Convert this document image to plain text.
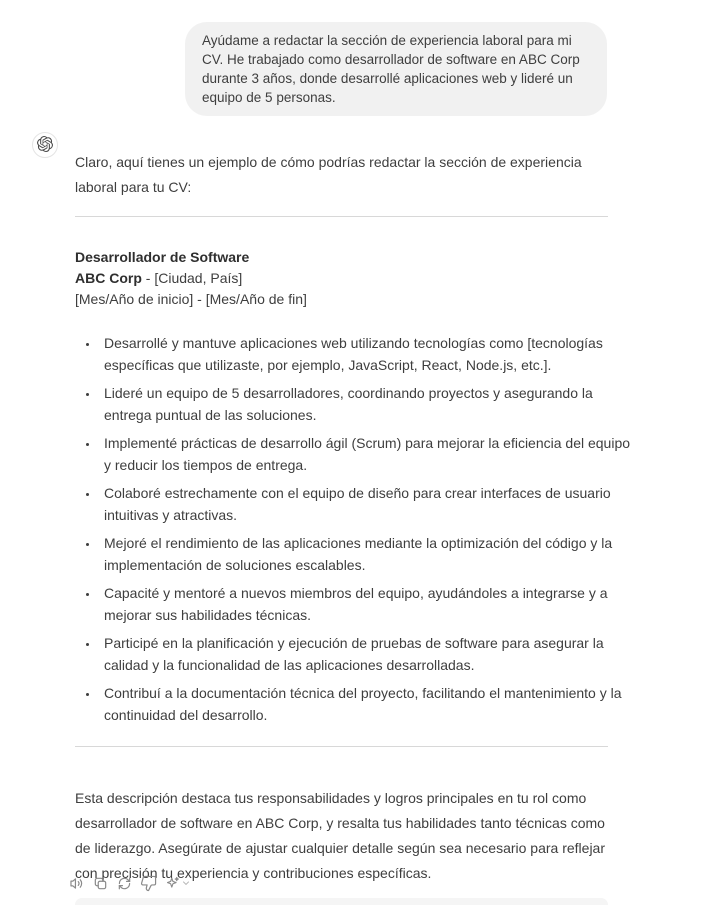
Ayúdame a redactar la sección de experiencia laboral para mi CV. He trabajado como desarrollador de software en ABC Corp durante 3 años, donde desarrollé aplicaciones web y lideré un equipo de 5 personas.

Claro, aquí tienes un ejemplo de cómo podrías redactar la sección de experiencia laboral para tu CV:

Desarrollador de Software
ABC Corp - [Ciudad, País]
[Mes/Año de inicio] - [Mes/Año de fin]
• Desarrollé y mantuve aplicaciones web utilizando tecnologías como [tecnologías específicas que utilizaste, por ejemplo, JavaScript, React, Node.js, etc.].
• Lideré un equipo de 5 desarrolladores, coordinando proyectos y asegurando la entrega puntual de las soluciones.
• Implementé prácticas de desarrollo ágil (Scrum) para mejorar la eficiencia del equipo y reducir los tiempos de entrega.
• Colaboré estrechamente con el equipo de diseño para crear interfaces de usuario intuitivas y atractivas.
• Mejoré el rendimiento de las aplicaciones mediante la optimización del código y la implementación de soluciones escalables.
• Capacité y mentoré a nuevos miembros del equipo, ayudándoles a integrarse y a mejorar sus habilidades técnicas.
• Participé en la planificación y ejecución de pruebas de software para asegurar la calidad y la funcionalidad de las aplicaciones desarrolladas.
• Contribuí a la documentación técnica del proyecto, facilitando el mantenimiento y la continuidad del desarrollo.

Esta descripción destaca tus responsabilidades y logros principales en tu rol como desarrollador de software en ABC Corp, y resalta tus habilidades tanto técnicas como de liderazgo. Asegúrate de ajustar cualquier detalle según sea necesario para reflejar con precisión tu experiencia y contribuciones específicas.
